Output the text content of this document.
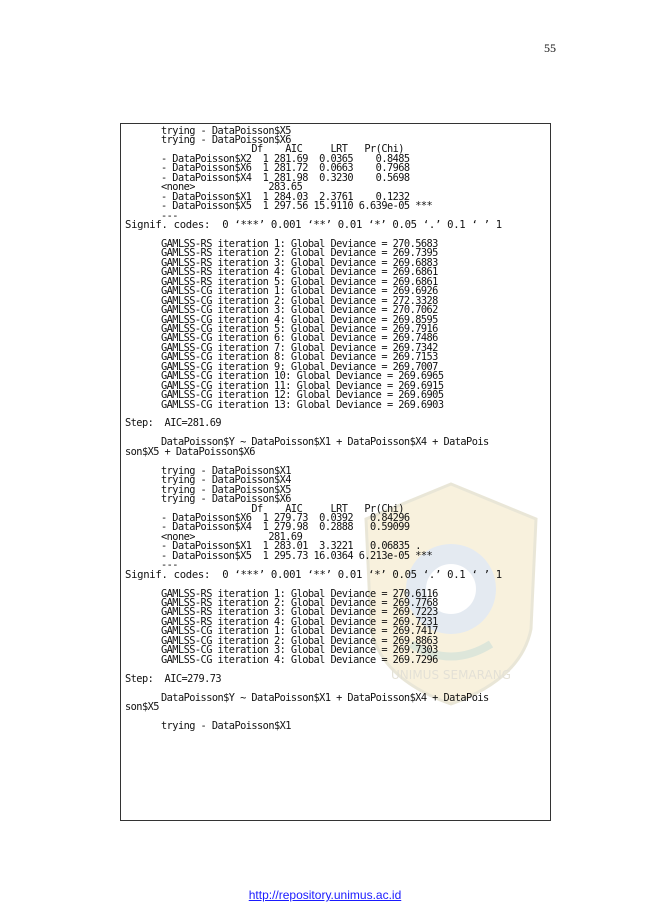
55
UNIMUS SEMARANG
trying - DataPoisson$X5
trying - DataPoisson$X6
Df    AIC     LRT   Pr(Chi)
- DataPoisson$X2  1 281.69  0.0365    0.8485
- DataPoisson$X6  1 281.72  0.0663    0.7968
- DataPoisson$X4  1 281.98  0.3230    0.5698
<none>             283.65
- DataPoisson$X1  1 284.03  2.3761    0.1232
- DataPoisson$X5  1 297.56 15.9110 6.639e-05 ***
---
Signif. codes:  0 ‘***’ 0.001 ‘**’ 0.01 ‘*’ 0.05 ‘.’ 0.1 ‘ ’ 1
GAMLSS-RS iteration 1: Global Deviance = 270.5683
GAMLSS-RS iteration 2: Global Deviance = 269.7395
GAMLSS-RS iteration 3: Global Deviance = 269.6883
GAMLSS-RS iteration 4: Global Deviance = 269.6861
GAMLSS-RS iteration 5: Global Deviance = 269.6861
GAMLSS-CG iteration 1: Global Deviance = 269.6926
GAMLSS-CG iteration 2: Global Deviance = 272.3328
GAMLSS-CG iteration 3: Global Deviance = 270.7062
GAMLSS-CG iteration 4: Global Deviance = 269.8595
GAMLSS-CG iteration 5: Global Deviance = 269.7916
GAMLSS-CG iteration 6: Global Deviance = 269.7486
GAMLSS-CG iteration 7: Global Deviance = 269.7342
GAMLSS-CG iteration 8: Global Deviance = 269.7153
GAMLSS-CG iteration 9: Global Deviance = 269.7007
GAMLSS-CG iteration 10: Global Deviance = 269.6965
GAMLSS-CG iteration 11: Global Deviance = 269.6915
GAMLSS-CG iteration 12: Global Deviance = 269.6905
GAMLSS-CG iteration 13: Global Deviance = 269.6903
Step:  AIC=281.69
DataPoisson$Y ~ DataPoisson$X1 + DataPoisson$X4 + DataPois
son$X5 + DataPoisson$X6
trying - DataPoisson$X1
trying - DataPoisson$X4
trying - DataPoisson$X5
trying - DataPoisson$X6
Df    AIC     LRT   Pr(Chi)
- DataPoisson$X6  1 279.73  0.0392   0.84296
- DataPoisson$X4  1 279.98  0.2888   0.59099
<none>             281.69
- DataPoisson$X1  1 283.01  3.3221   0.06835 .
- DataPoisson$X5  1 295.73 16.0364 6.213e-05 ***
---
Signif. codes:  0 ‘***’ 0.001 ‘**’ 0.01 ‘*’ 0.05 ‘.’ 0.1 ‘ ’ 1
GAMLSS-RS iteration 1: Global Deviance = 270.6116
GAMLSS-RS iteration 2: Global Deviance = 269.7768
GAMLSS-RS iteration 3: Global Deviance = 269.7223
GAMLSS-RS iteration 4: Global Deviance = 269.7231
GAMLSS-CG iteration 1: Global Deviance = 269.7417
GAMLSS-CG iteration 2: Global Deviance = 269.8863
GAMLSS-CG iteration 3: Global Deviance = 269.7303
GAMLSS-CG iteration 4: Global Deviance = 269.7296
Step:  AIC=279.73
DataPoisson$Y ~ DataPoisson$X1 + DataPoisson$X4 + DataPois
son$X5
trying - DataPoisson$X1
http://repository.unimus.ac.id
